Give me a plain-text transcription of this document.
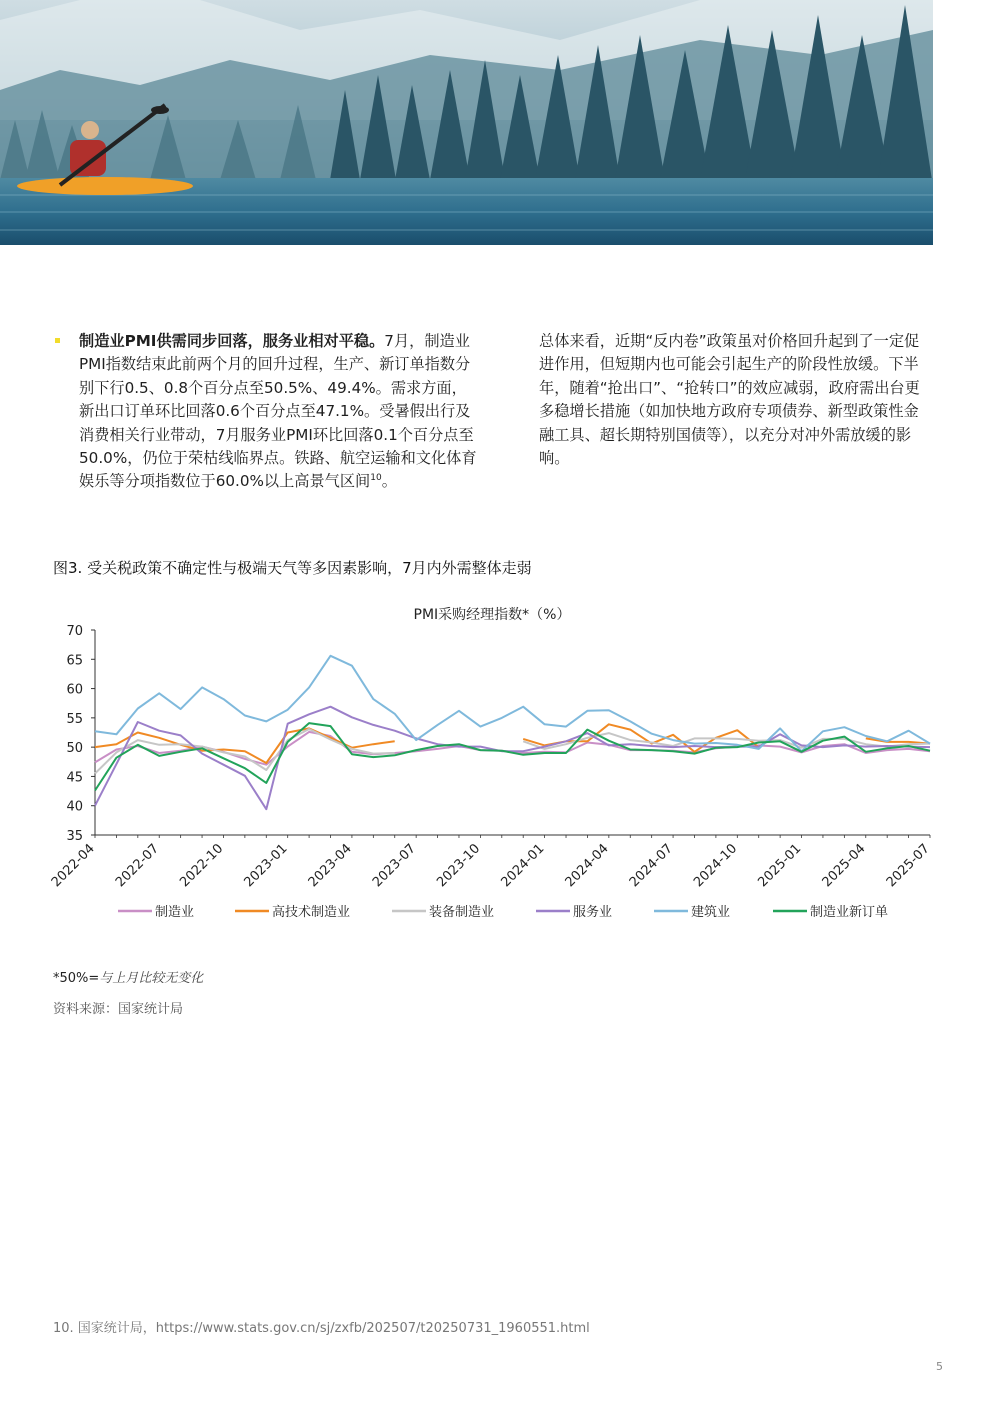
制造业PMI供需同步回落，服务业相对平稳。7月，制造业PMI指数结束此前两个月的回升过程，生产、新订单指数分别下行0.5、0.8个百分点至50.5%、49.4%。需求方面，新出口订单环比回落0.6个百分点至47.1%。受暑假出行及消费相关行业带动，7月服务业PMI环比回落0.1个百分点至50.0%，仍位于荣枯线临界点。铁路、航空运输和文化体育娱乐等分项指数位于60.0%以上高景气区间$^{10}$。
总体来看，近期“反内卷”政策虽对价格回升起到了一定促进作用，但短期内也可能会引起生产的阶段性放缓。下半年，随着“抢出口”、“抢转口”的效应减弱，政府需出台更多稳增长措施（如加快地方政府专项债券、新型政策性金融工具、超长期特别国债等），以充分对冲外需放缓的影响。
图3. 受关税政策不确定性与极端天气等多因素影响，7月内外需整体走弱
PMI采购经理指数*（%）
35
40
45
50
55
60
65
70
2022-04 2022-07 2022-10 2023-01 2023-04 2023-07 2023-10 2024-01 2024-04 2024-07 2024-10 2025-01 2025-04 2025-07
制造业	高技术制造业	装备制造业	服务业	建筑业	制造业新订单
*50%=与上月比较无变化
资料来源：国家统计局
10. 国家统计局，https://www.stats.gov.cn/sj/zxfb/202507/t20250731_1960551.html
5
